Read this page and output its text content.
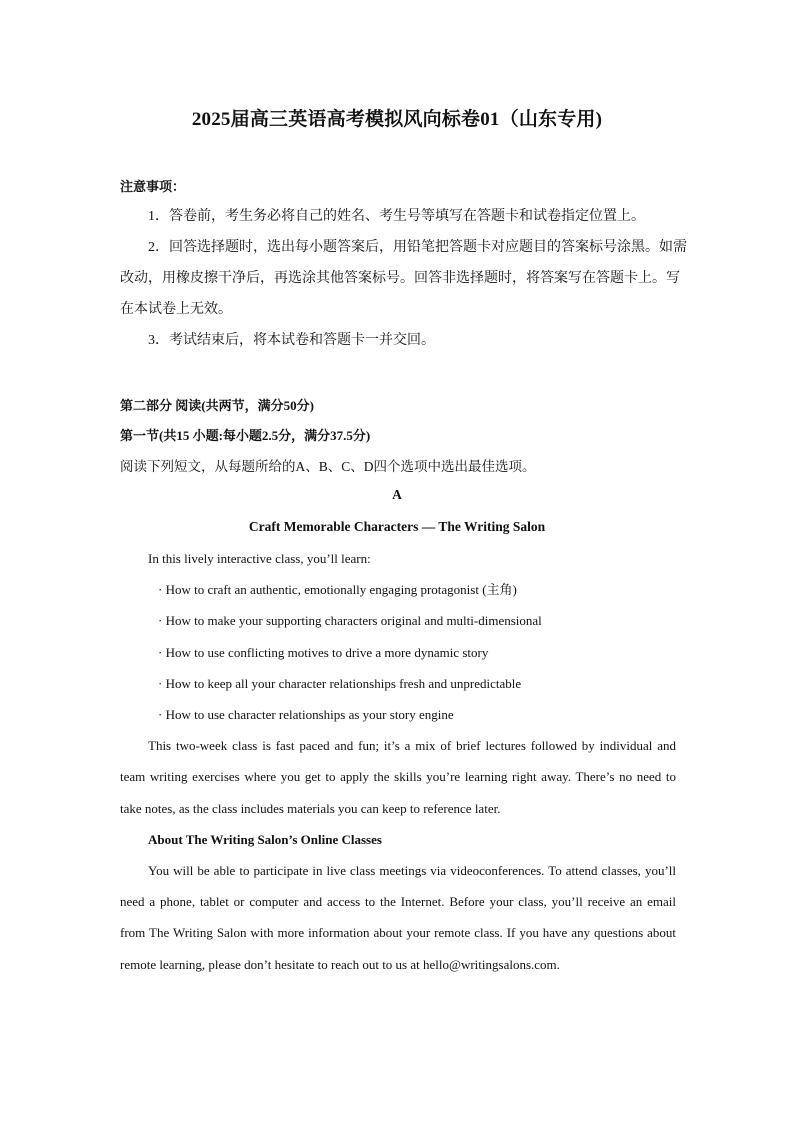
2025届高三英语高考模拟风向标卷01（山东专用)
注意事项：

1．答卷前，考生务必将自己的姓名、考生号等填写在答题卡和试卷指定位置上。

2．回答选择题时，选出每小题答案后，用铅笔把答题卡对应题目的答案标号涂黑。如需改动，用橡皮擦干净后，再选涂其他答案标号。回答非选择题时，将答案写在答题卡上。写在本试卷上无效。

3．考试结束后，将本试卷和答题卡一并交回。

第二部分 阅读(共两节，满分50分)
第一节(共15 小题:每小题2.5分，满分37.5分)
阅读下列短文，从每题所给的A、B、C、D四个选项中选出最佳选项。
A
Craft Memorable Characters — The Writing Salon

In this lively interactive class, you’ll learn:

· How to craft an authentic, emotionally engaging protagonist (主角)

· How to make your supporting characters original and multi-dimensional

· How to use conflicting motives to drive a more dynamic story

· How to keep all your character relationships fresh and unpredictable

· How to use character relationships as your story engine

This two-week class is fast paced and fun; it’s a mix of brief lectures followed by individual and team writing exercises where you get to apply the skills you’re learning right away. There’s no need to take notes, as the class includes materials you can keep to reference later.

About The Writing Salon’s Online Classes

You will be able to participate in live class meetings via videoconferences. To attend classes, you’ll need a phone, tablet or computer and access to the Internet. Before your class, you’ll receive an email from The Writing Salon with more information about your remote class. If you have any questions about remote learning, please don’t hesitate to reach out to us at hello@writingsalons.com.
